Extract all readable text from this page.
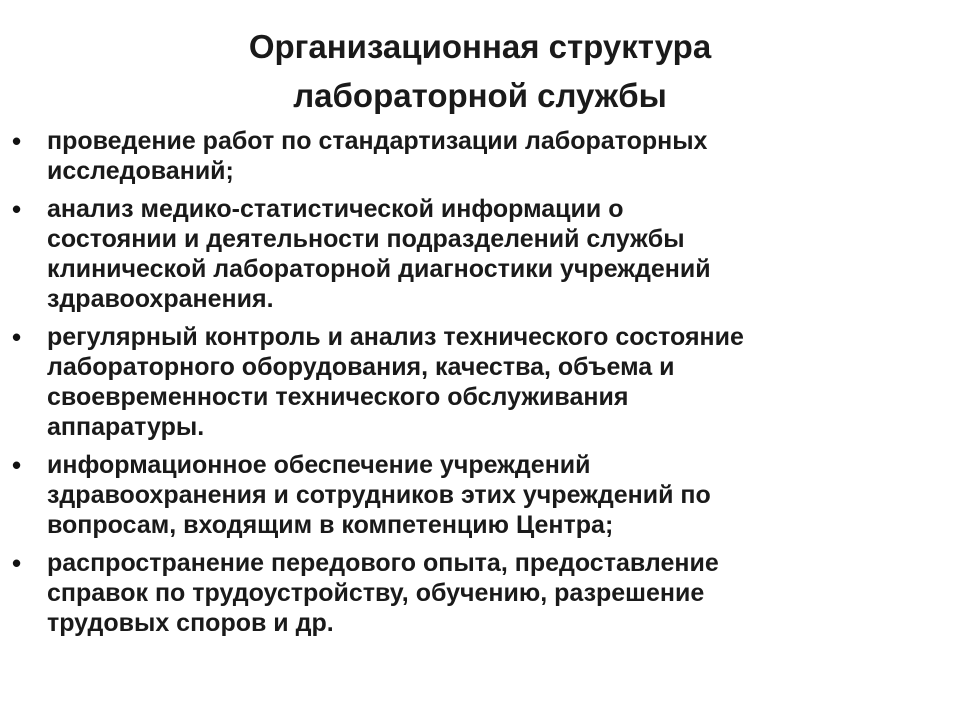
Организационная структура
лабораторной службы
• проведение работ по стандартизации лабораторных
исследований;
• анализ медико-статистической информации о
состоянии и деятельности подразделений службы
клинической лабораторной диагностики учреждений
здравоохранения.
• регулярный контроль и анализ технического состояние
лабораторного оборудования, качества, объема и
своевременности технического обслуживания
аппаратуры.
• информационное обеспечение учреждений
здравоохранения и сотрудников этих учреждений по
вопросам, входящим в компетенцию Центра;
• распространение передового опыта, предоставление
справок по трудоустройству, обучению, разрешение
трудовых споров и др.
